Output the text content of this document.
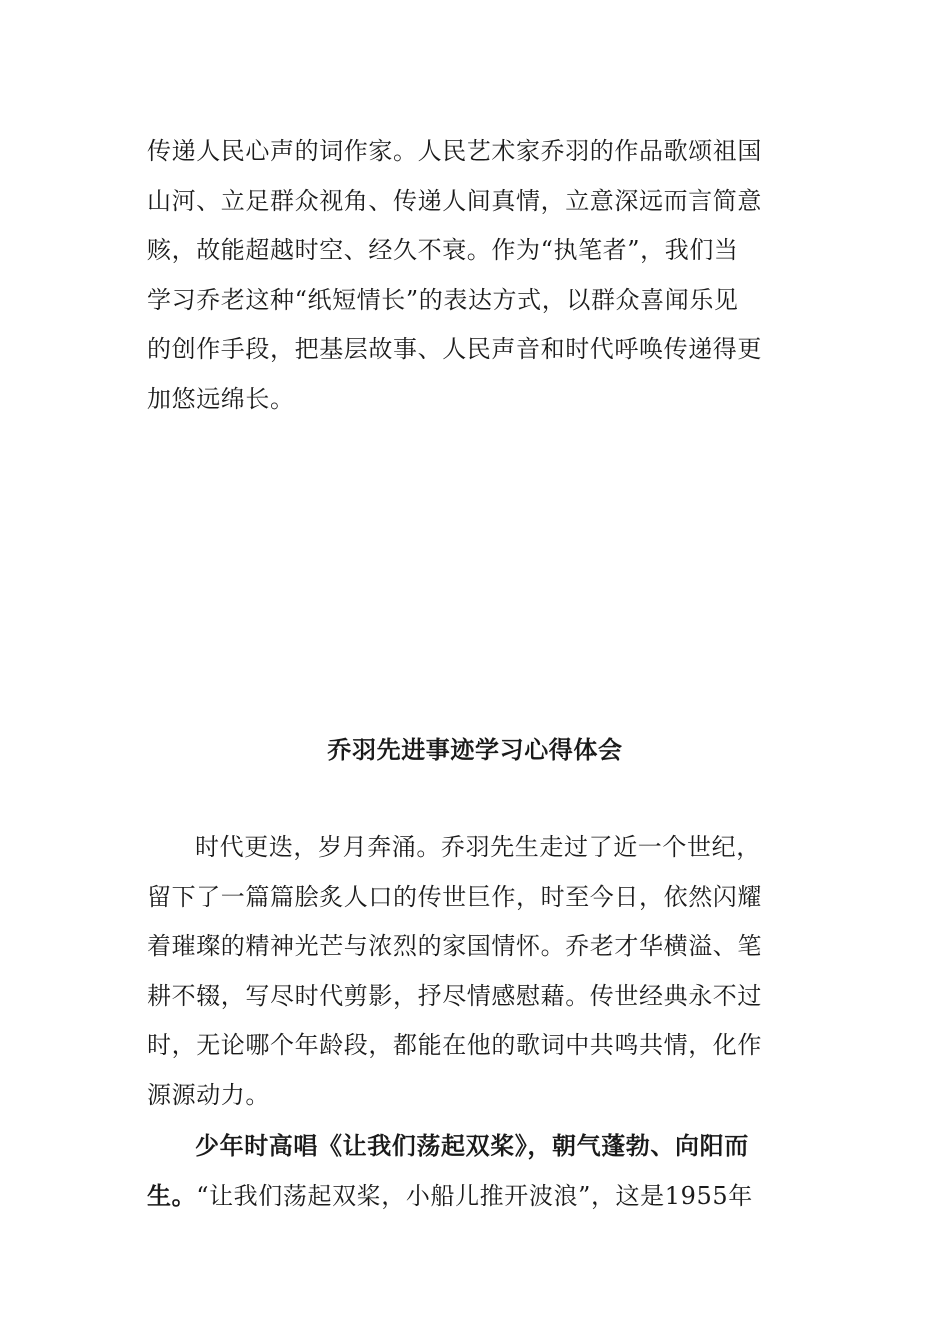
传递人民心声的词作家。人民艺术家乔羽的作品歌颂祖国
山河、立足群众视角、传递人间真情，立意深远而言简意
赅，故能超越时空、经久不衰。作为“执笔者”，我们当
学习乔老这种“纸短情长”的表达方式，以群众喜闻乐见
的创作手段，把基层故事、人民声音和时代呼唤传递得更
加悠远绵长。
乔羽先进事迹学习心得体会
时代更迭，岁月奔涌。乔羽先生走过了近一个世纪，
留下了一篇篇脍炙人口的传世巨作，时至今日，依然闪耀
着璀璨的精神光芒与浓烈的家国情怀。乔老才华横溢、笔
耕不辍，写尽时代剪影，抒尽情感慰藉。传世经典永不过
时，无论哪个年龄段，都能在他的歌词中共鸣共情，化作
源源动力。
少年时高唱《让我们荡起双桨》，朝气蓬勃、向阳而
生。“让我们荡起双桨，小船儿推开波浪”，这是1955年
